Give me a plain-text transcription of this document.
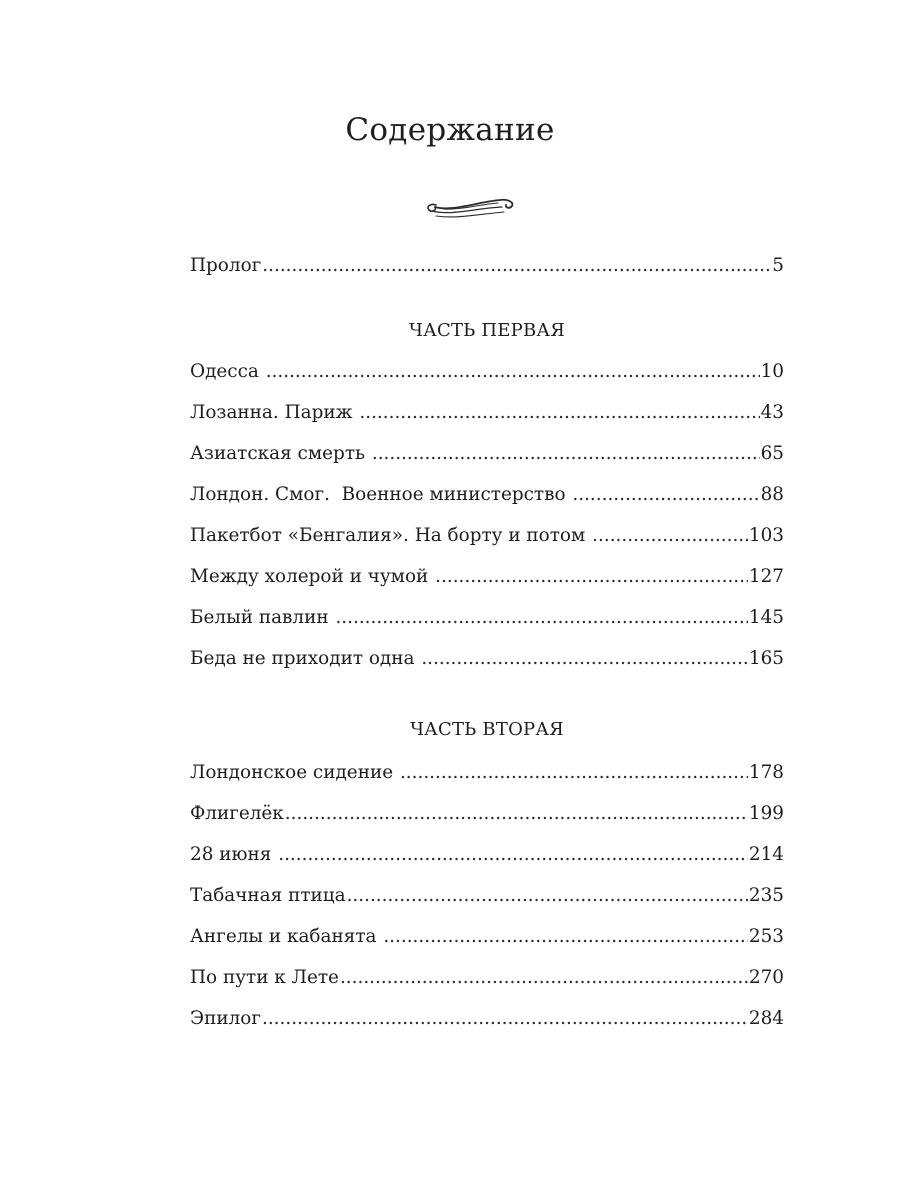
Содержание
Пролог .....	5
ЧАСТЬ ПЕРВАЯ
Одесса .....	10
Лозанна. Париж .....	43
Азиатская смерть .....	65
Лондон. Смог.  Военное министерство .....	88
Пакетбот «Бенгалия». На борту и потом .....	103
Между холерой и чумой .....	127
Белый павлин .....	145
Беда не приходит одна .....	165
ЧАСТЬ ВТОРАЯ
Лондонское сидение .....	178
Флигелёк .....	199
28 июня .....	214
Табачная птица .....	235
Ангелы и кабанята .....	253
По пути к Лете .....	270
Эпилог .....	284
